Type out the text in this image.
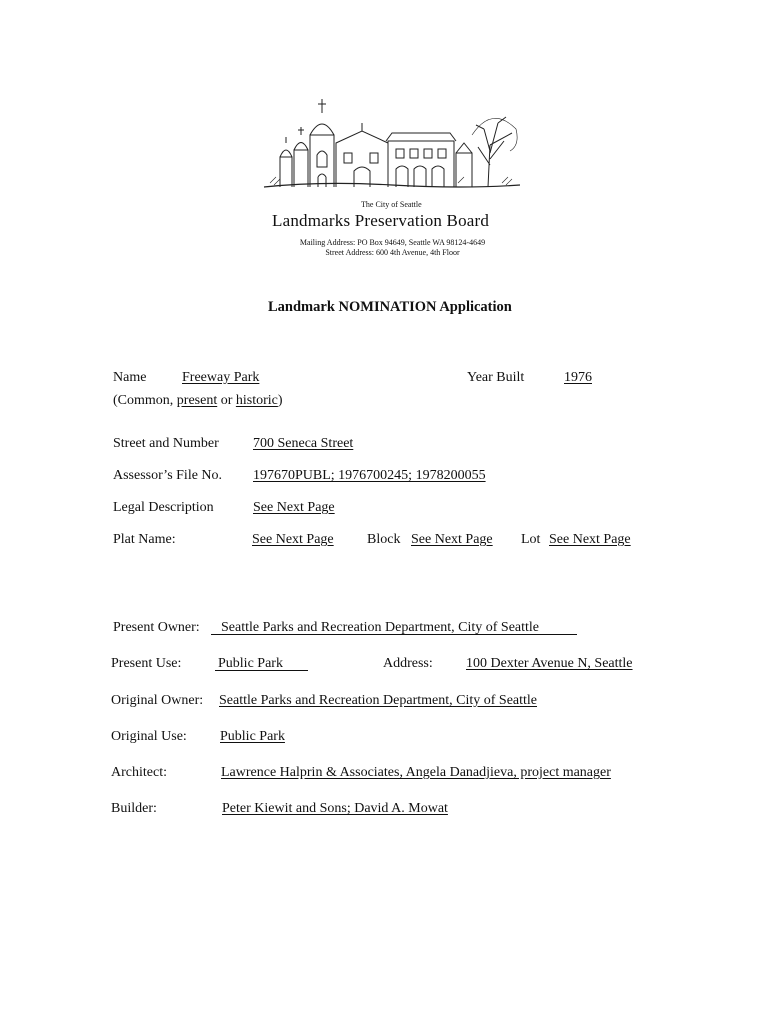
The City of Seattle
Landmarks Preservation Board
Mailing Address: PO Box 94649, Seattle WA 98124-4649
Street Address: 600 4th Avenue, 4th Floor
Landmark NOMINATION Application
Name	Freeway Park	Year Built	1976
(Common, present or historic)
Street and Number 700 Seneca Street
Assessor’s File No. 197670PUBL; 1976700245; 1978200055
Legal Description	See Next Page
Plat Name:	See Next Page Block See Next Page Lot See Next Page
Present Owner: Seattle Parks and Recreation Department, City of Seattle
Present Use:	Public Park	Address: 100 Dexter Avenue N, Seattle
Original Owner: Seattle Parks and Recreation Department, City of Seattle
Original Use: Public Park
Architect:	Lawrence Halprin & Associates, Angela Danadjieva, project manager
Builder:	Peter Kiewit and Sons; David A. Mowat
